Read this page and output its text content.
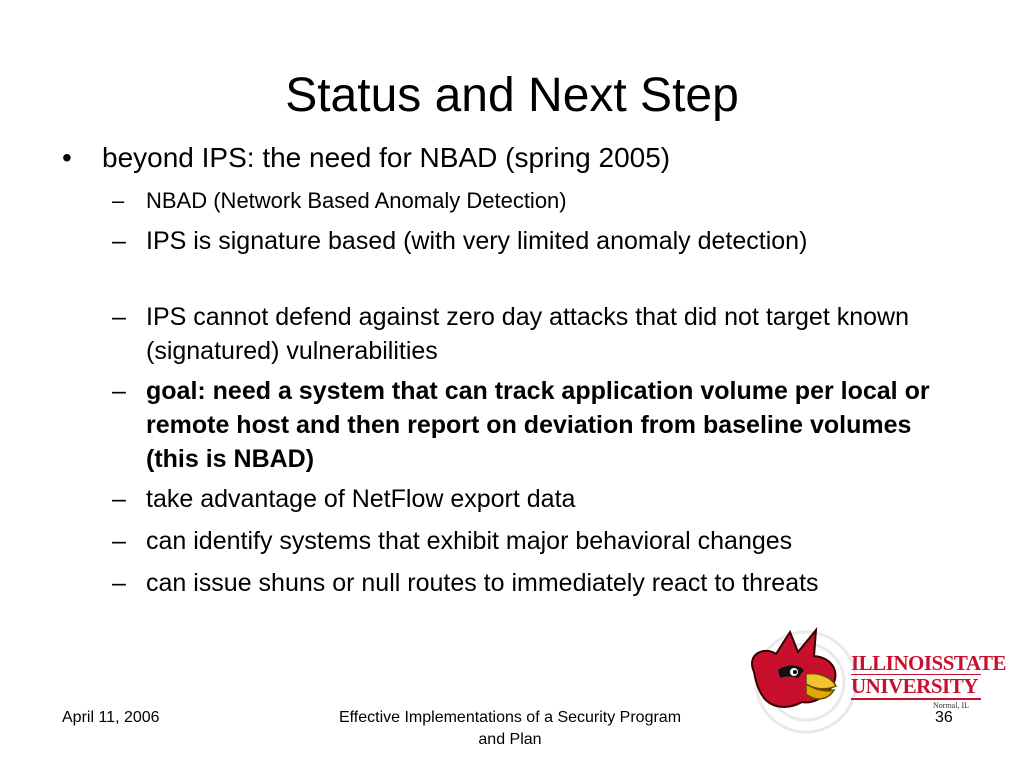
Status and Next Step
• beyond IPS: the need for NBAD (spring 2005)
– NBAD (Network Based Anomaly Detection)
– IPS is signature based (with very limited anomaly detection)
– IPS cannot defend against zero day attacks that did not target known (signatured) vulnerabilities
– goal: need a system that can track application volume per local or remote host and then report on deviation from baseline volumes (this is NBAD)
– take advantage of NetFlow export data
– can identify systems that exhibit major behavioral changes
– can issue shuns or null routes to immediately react to threats
April 11, 2006	Effective Implementations of a Security Program and Plan
36
ILLINOISSTATE
UNIVERSITY
Normal, IL
